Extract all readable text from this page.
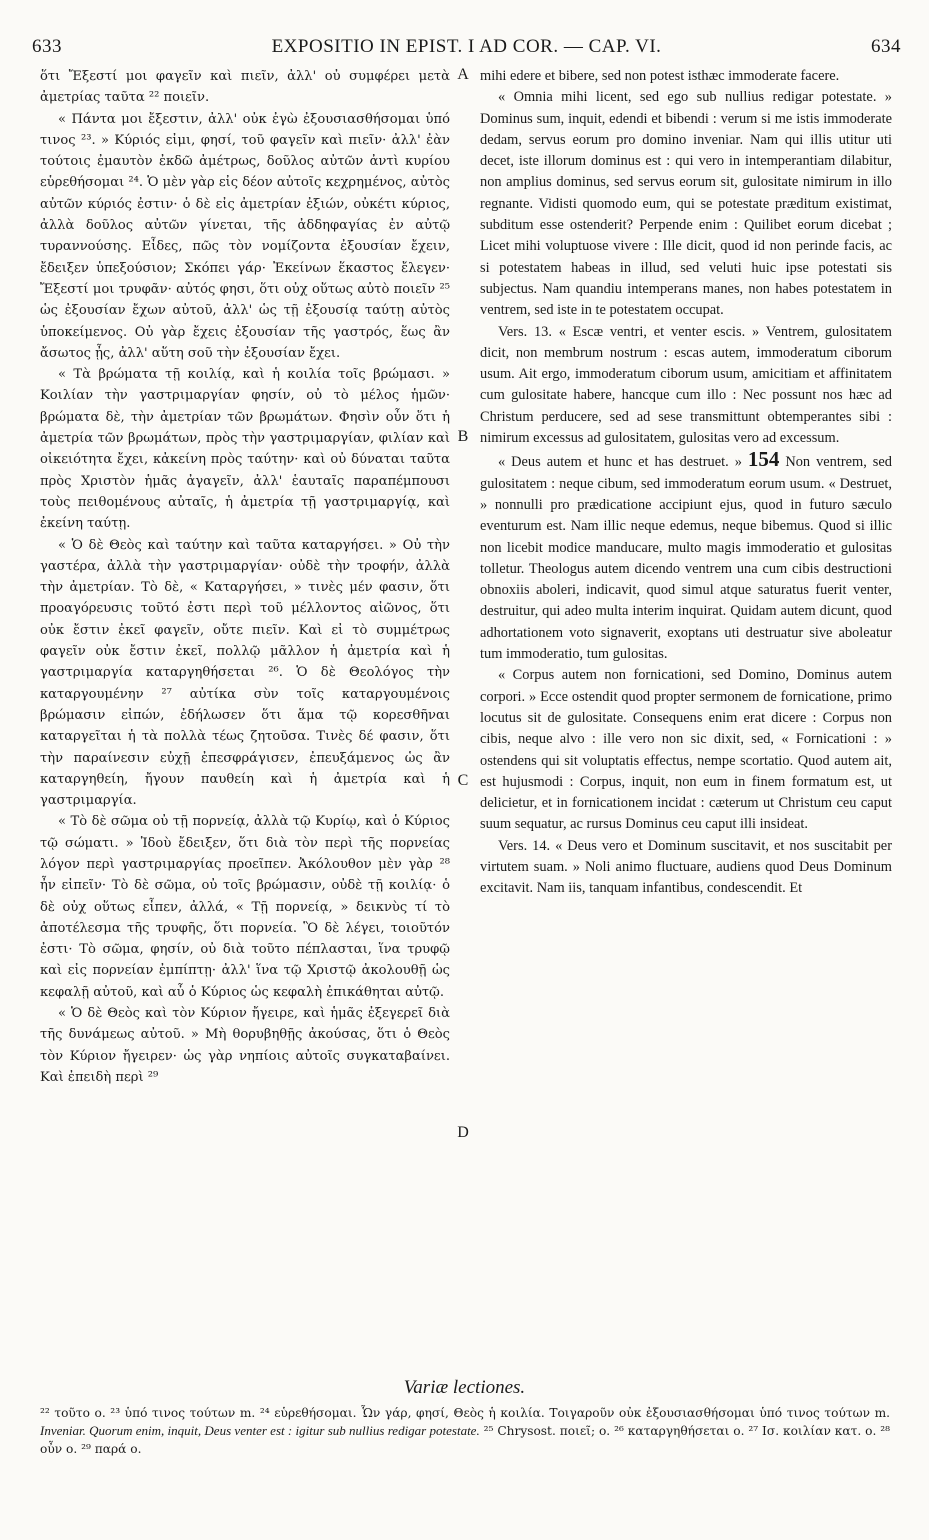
633	EXPOSITIO IN EPIST. I AD COR. — CAP. VI.	634

ὅτι Ἔξεστί μοι φαγεῖν καὶ πιεῖν, ἀλλ' οὐ συμφέρει μετὰ ἀμετρίας ταῦτα ²² ποιεῖν.

« Πάντα μοι ἔξεστιν, ἀλλ' οὐκ ἐγὼ ἐξουσιασθήσομαι ὑπό τινος ²³. » Κύριός εἰμι, φησί, τοῦ φαγεῖν καὶ πιεῖν· ἀλλ' ἐὰν τούτοις ἐμαυτὸν ἐκδῶ ἀμέτρως, δοῦλος αὐτῶν ἀντὶ κυρίου εὑρεθήσομαι ²⁴. Ὁ μὲν γὰρ εἰς δέον αὐτοῖς κεχρημένος, αὐτὸς αὐτῶν κύριός ἐστιν· ὁ δὲ εἰς ἀμετρίαν ἐξιών, οὐκέτι κύριος, ἀλλὰ δοῦλος αὐτῶν γίνεται, τῆς ἀδδηφαγίας ἐν αὐτῷ τυραννούσης. Εἶδες, πῶς τὸν νομίζοντα ἐξουσίαν ἔχειν, ἔδειξεν ὑπεξούσιον; Σκόπει γάρ· Ἐκείνων ἕκαστος ἔλεγεν· Ἔξεστί μοι τρυφᾶν· αὐτός φησι, ὅτι οὐχ οὕτως αὐτὸ ποιεῖν ²⁵ ὡς ἐξουσίαν ἔχων αὐτοῦ, ἀλλ' ὡς τῇ ἐξουσίᾳ ταύτῃ αὐτὸς ὑποκείμενος. Οὐ γὰρ ἔχεις ἐξουσίαν τῆς γαστρός, ἕως ἂν ἄσωτος ᾖς, ἀλλ' αὕτη σοῦ τὴν ἐξουσίαν ἔχει.

« Τὰ βρώματα τῇ κοιλίᾳ, καὶ ἡ κοιλία τοῖς βρώμασι. » Κοιλίαν τὴν γαστριμαργίαν φησίν, οὐ τὸ μέλος ἡμῶν· βρώματα δὲ, τὴν ἀμετρίαν τῶν βρωμάτων. Φησὶν οὖν ὅτι ἡ ἀμετρία τῶν βρωμάτων, πρὸς τὴν γαστριμαργίαν, φιλίαν καὶ οἰκειότητα ἔχει, κἀκείνη πρὸς ταύτην· καὶ οὐ δύναται ταῦτα πρὸς Χριστὸν ἡμᾶς ἀγαγεῖν, ἀλλ' ἑαυταῖς παραπέμπουσι τοὺς πειθομένους αὐταῖς, ἡ ἀμετρία τῇ γαστριμαργίᾳ, καὶ ἐκείνη ταύτῃ.

« Ὁ δὲ Θεὸς καὶ ταύτην καὶ ταῦτα καταργήσει. » Οὐ τὴν γαστέρα, ἀλλὰ τὴν γαστριμαργίαν· οὐδὲ τὴν τροφήν, ἀλλὰ τὴν ἀμετρίαν. Τὸ δὲ, « Καταργήσει, » τινὲς μέν φασιν, ὅτι προαγόρευσις τοῦτό ἐστι περὶ τοῦ μέλλοντος αἰῶνος, ὅτι οὐκ ἔστιν ἐκεῖ φαγεῖν, οὔτε πιεῖν. Καὶ εἰ τὸ συμμέτρως φαγεῖν οὐκ ἔστιν ἐκεῖ, πολλῷ μᾶλλον ἡ ἀμετρία καὶ ἡ γαστριμαργία καταργηθήσεται ²⁶. Ὁ δὲ Θεολόγος τὴν καταργουμένην ²⁷ αὐτίκα σὺν τοῖς καταργουμένοις βρώμασιν εἰπών, ἐδήλωσεν ὅτι ἅμα τῷ κορεσθῆναι καταργεῖται ἡ τὰ πολλὰ τέως ζητοῦσα. Τινὲς δέ φασιν, ὅτι τὴν παραίνεσιν εὐχῇ ἐπεσφράγισεν, ἐπευξάμενος ὡς ἂν καταργηθείη, ἤγουν παυθείη καὶ ἡ ἀμετρία καὶ ἡ γαστριμαργία.

« Τὸ δὲ σῶμα οὐ τῇ πορνείᾳ, ἀλλὰ τῷ Κυρίῳ, καὶ ὁ Κύριος τῷ σώματι. » Ἰδοὺ ἔδειξεν, ὅτι διὰ τὸν περὶ τῆς πορνείας λόγον περὶ γαστριμαργίας προεῖπεν. Ἀκόλουθον μὲν γὰρ ²⁸ ἦν εἰπεῖν· Τὸ δὲ σῶμα, οὐ τοῖς βρώμασιν, οὐδὲ τῇ κοιλίᾳ· ὁ δὲ οὐχ οὕτως εἶπεν, ἀλλά, « Τῇ πορνείᾳ, » δεικνὺς τί τὸ ἀποτέλεσμα τῆς τρυφῆς, ὅτι πορνεία. Ὃ δὲ λέγει, τοιοῦτόν ἐστι· Τὸ σῶμα, φησίν, οὐ διὰ τοῦτο πέπλασται, ἵνα τρυφῷ καὶ εἰς πορνείαν ἐμπίπτῃ· ἀλλ' ἵνα τῷ Χριστῷ ἀκολουθῇ ὡς κεφαλῇ αὐτοῦ, καὶ αὖ ὁ Κύριος ὡς κεφαλὴ ἐπικάθηται αὐτῷ.

« Ὁ δὲ Θεὸς καὶ τὸν Κύριον ἤγειρε, καὶ ἡμᾶς ἐξεγερεῖ διὰ τῆς δυνάμεως αὐτοῦ. » Μὴ θορυβηθῇς ἀκούσας, ὅτι ὁ Θεὸς τὸν Κύριον ἤγειρεν· ὡς γὰρ νηπίοις αὐτοῖς συγκαταβαίνει. Καὶ ἐπειδὴ περὶ ²⁹

A
B
C
D

mihi edere et bibere, sed non potest isthæc immoderate facere.

« Omnia mihi licent, sed ego sub nullius redigar potestate. » Dominus sum, inquit, edendi et bibendi : verum si me istis immoderate dedam, servus eorum pro domino inveniar. Nam qui illis utitur uti decet, iste illorum dominus est : qui vero in intemperantiam dilabitur, non amplius dominus, sed servus eorum sit, gulositate nimirum in illo regnante. Vidisti quomodo eum, qui se potestate præditum existimat, subditum esse ostenderit? Perpende enim : Quilibet eorum dicebat ; Licet mihi voluptuose vivere : Ille dicit, quod id non perinde facis, ac si potestatem habeas in illud, sed veluti huic ipse potestati sis subjectus. Nam quandiu intemperans manes, non habes potestatem in ventrem, sed iste in te potestatem occupat.

Vers. 13. « Escæ ventri, et venter escis. » Ventrem, gulositatem dicit, non membrum nostrum : escas autem, immoderatum ciborum usum. Ait ergo, immoderatum ciborum usum, amicitiam et affinitatem cum gulositate habere, hancque cum illo : Nec possunt nos hæc ad Christum perducere, sed ad sese transmittunt obtemperantes sibi : nimirum excessus ad gulositatem, gulositas vero ad excessum.

« Deus autem et hunc et has destruet. » 154 Non ventrem, sed gulositatem : neque cibum, sed immoderatum eorum usum. « Destruet, » nonnulli pro prædicatione accipiunt ejus, quod in futuro sæculo eventurum est. Nam illic neque edemus, neque bibemus. Quod si illic non licebit modice manducare, multo magis immoderatio et gulositas tolletur. Theologus autem dicendo ventrem una cum cibis destructioni obnoxiis aboleri, indicavit, quod simul atque saturatus fuerit venter, destruitur, qui adeo multa interim inquirat. Quidam autem dicunt, quod adhortationem voto signaverit, exoptans uti destruatur sive aboleatur tum immoderatio, tum gulositas.

« Corpus autem non fornicationi, sed Domino, Dominus autem corpori. » Ecce ostendit quod propter sermonem de fornicatione, primo locutus sit de gulositate. Consequens enim erat dicere : Corpus non cibis, neque alvo : ille vero non sic dixit, sed, « Fornicationi : » ostendens qui sit voluptatis effectus, nempe scortatio. Quod autem ait, est hujusmodi : Corpus, inquit, non eum in finem formatum est, ut delicietur, et in fornicationem incidat : cæterum ut Christum ceu caput suum sequatur, ac rursus Dominus ceu caput illi insideat.

Vers. 14. « Deus vero et Dominum suscitavit, et nos suscitabit per virtutem suam. » Noli animo fluctuare, audiens quod Deus Dominum excitavit. Nam iis, tanquam infantibus, condescendit. Et

Variæ lectiones.
²² τοῦτο ο. ²³ ὑπό τινος τούτων m. ²⁴ εὑρεθήσομαι. Ὧν γάρ, φησί, Θεὸς ἡ κοιλία. Τοιγαροῦν οὐκ ἐξουσιασθήσομαι ὑπό τινος τούτων m. Inveniar. Quorum enim, inquit, Deus venter est : igitur sub nullius redigar potestate. ²⁵ Chrysost. ποιεῖ; ο. ²⁶ καταργηθήσεται ο. ²⁷ Ισ. κοιλίαν κατ. ο. ²⁸ οὖν ο. ²⁹ παρά ο.
